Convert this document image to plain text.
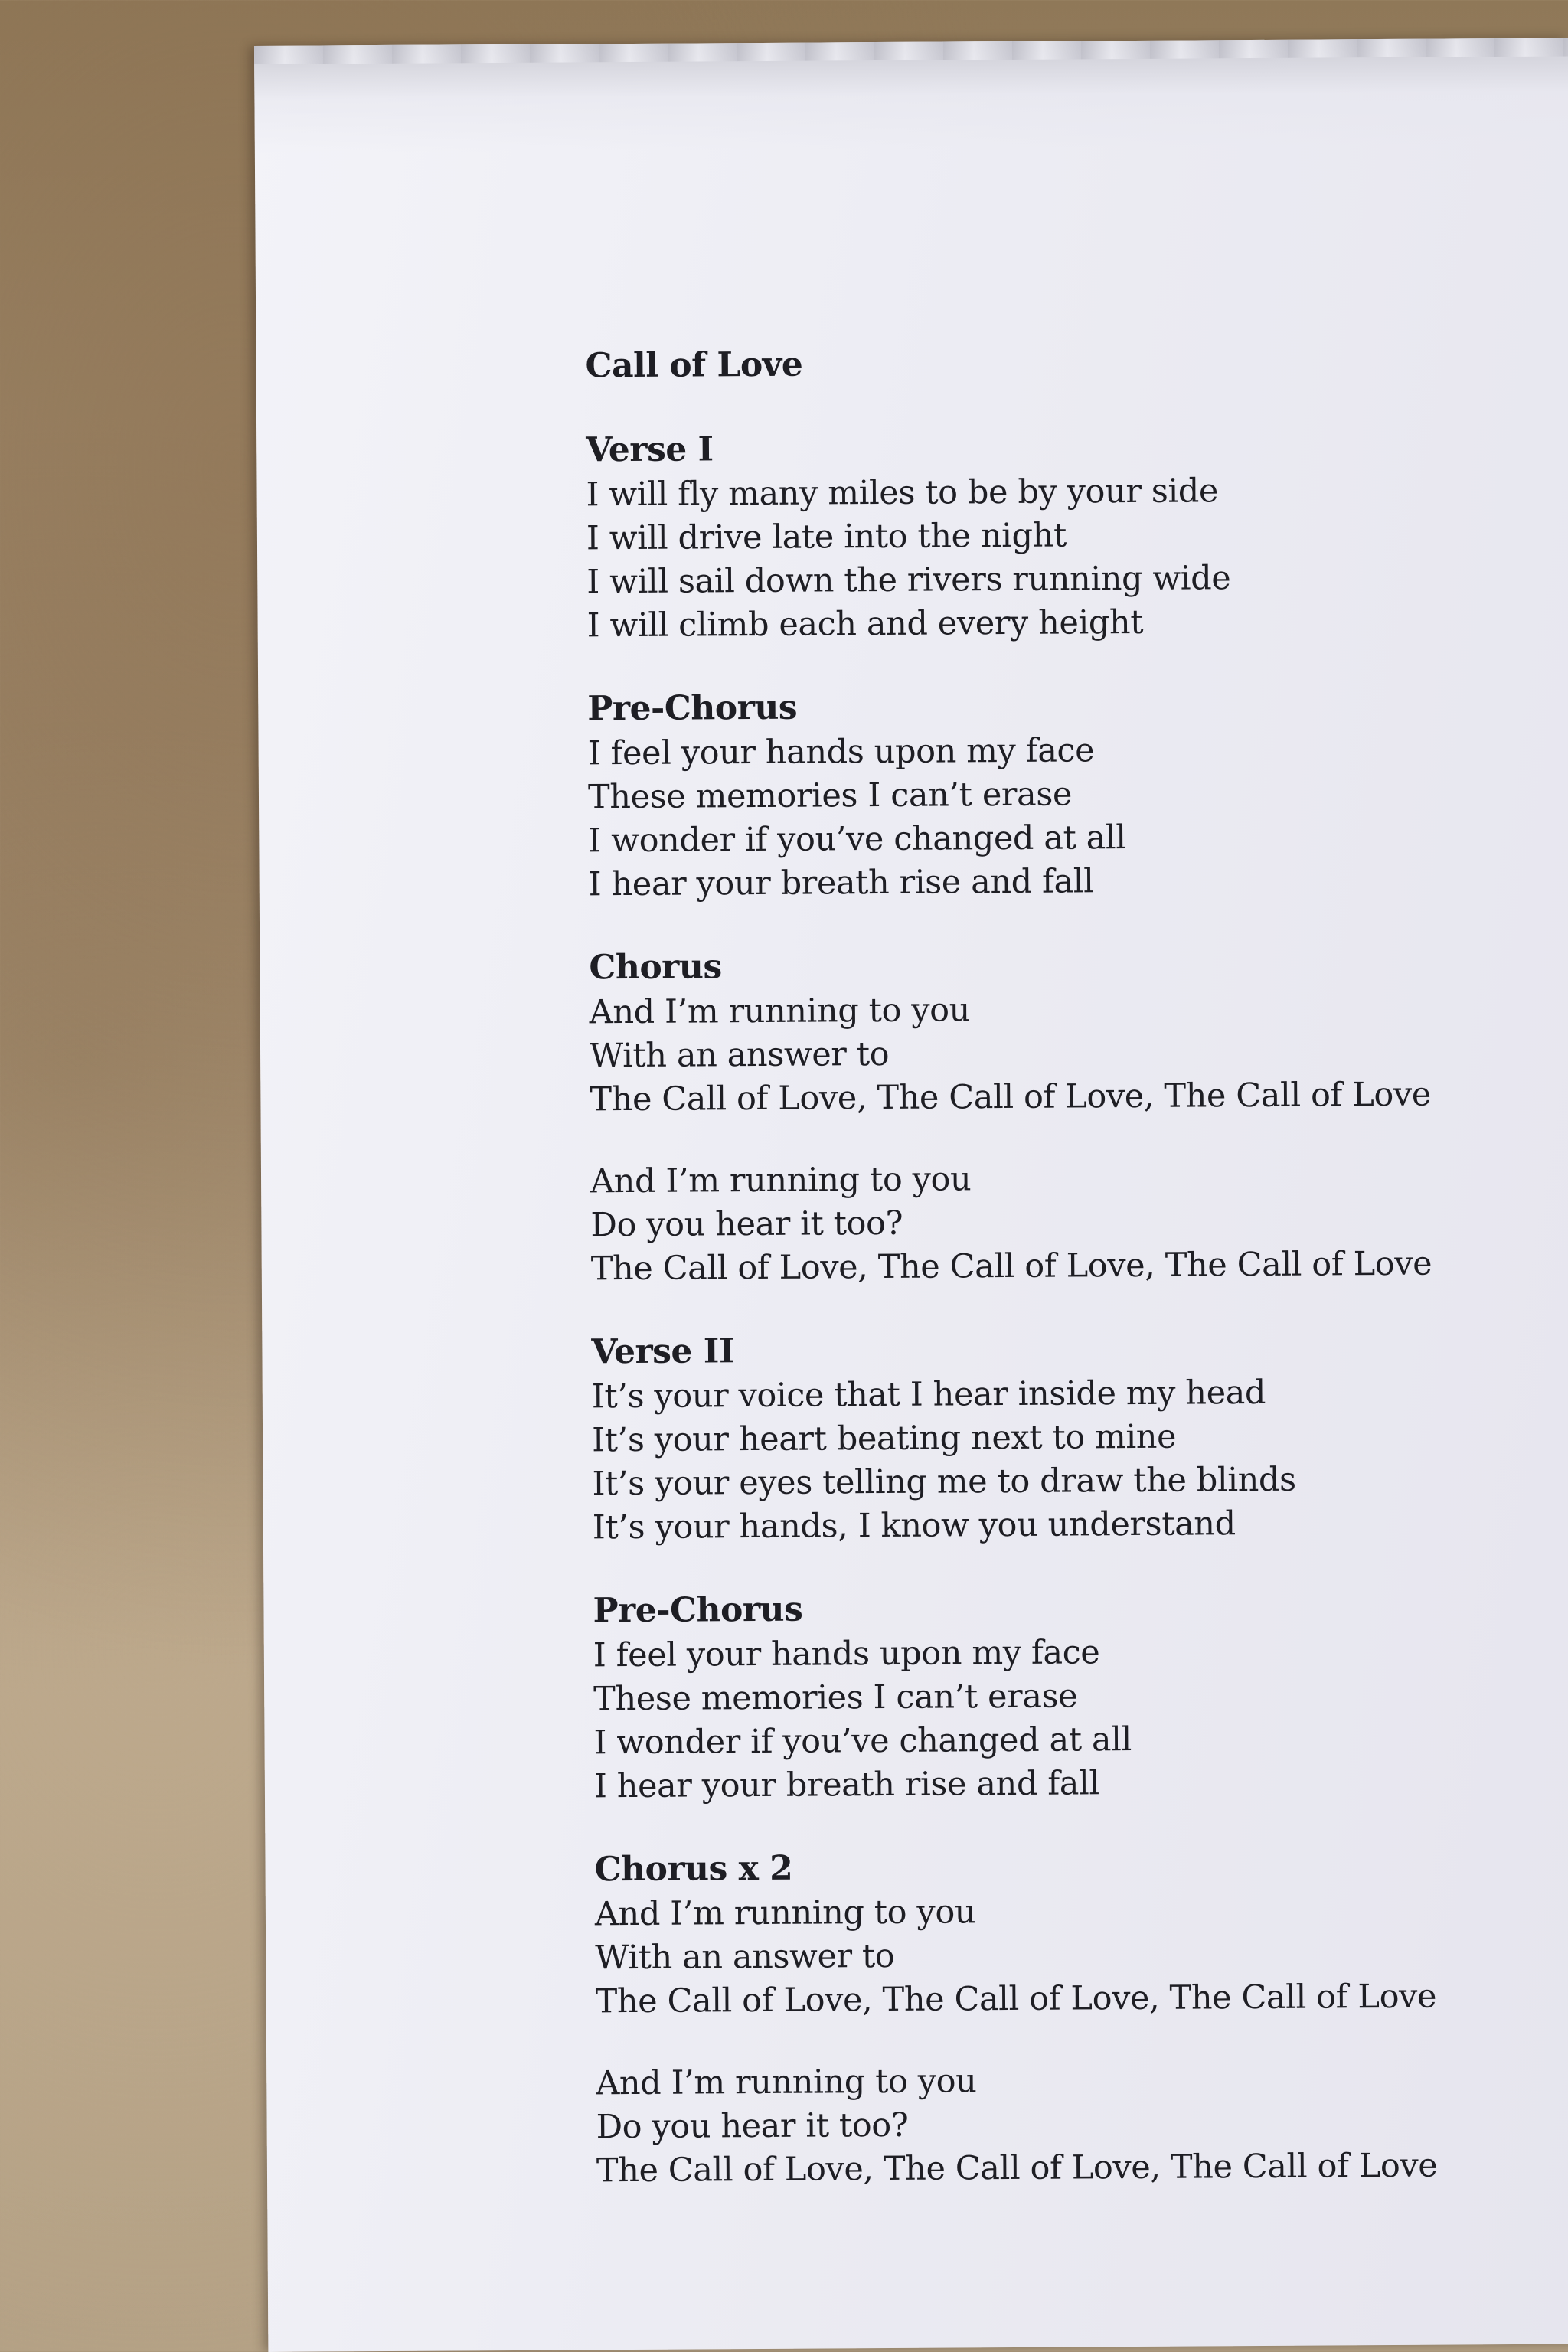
Call of Love
Verse I
I will fly many miles to be by your side
I will drive late into the night
I will sail down the rivers running wide
I will climb each and every height
Pre-Chorus
I feel your hands upon my face
These memories I can’t erase
I wonder if you’ve changed at all
I hear your breath rise and fall
Chorus
And I’m running to you
With an answer to
The Call of Love, The Call of Love, The Call of Love
And I’m running to you
Do you hear it too?
The Call of Love, The Call of Love, The Call of Love
Verse II
It’s your voice that I hear inside my head
It’s your heart beating next to mine
It’s your eyes telling me to draw the blinds
It’s your hands, I know you understand
Pre-Chorus
I feel your hands upon my face
These memories I can’t erase
I wonder if you’ve changed at all
I hear your breath rise and fall
Chorus x 2
And I’m running to you
With an answer to
The Call of Love, The Call of Love, The Call of Love
And I’m running to you
Do you hear it too?
The Call of Love, The Call of Love, The Call of Love
